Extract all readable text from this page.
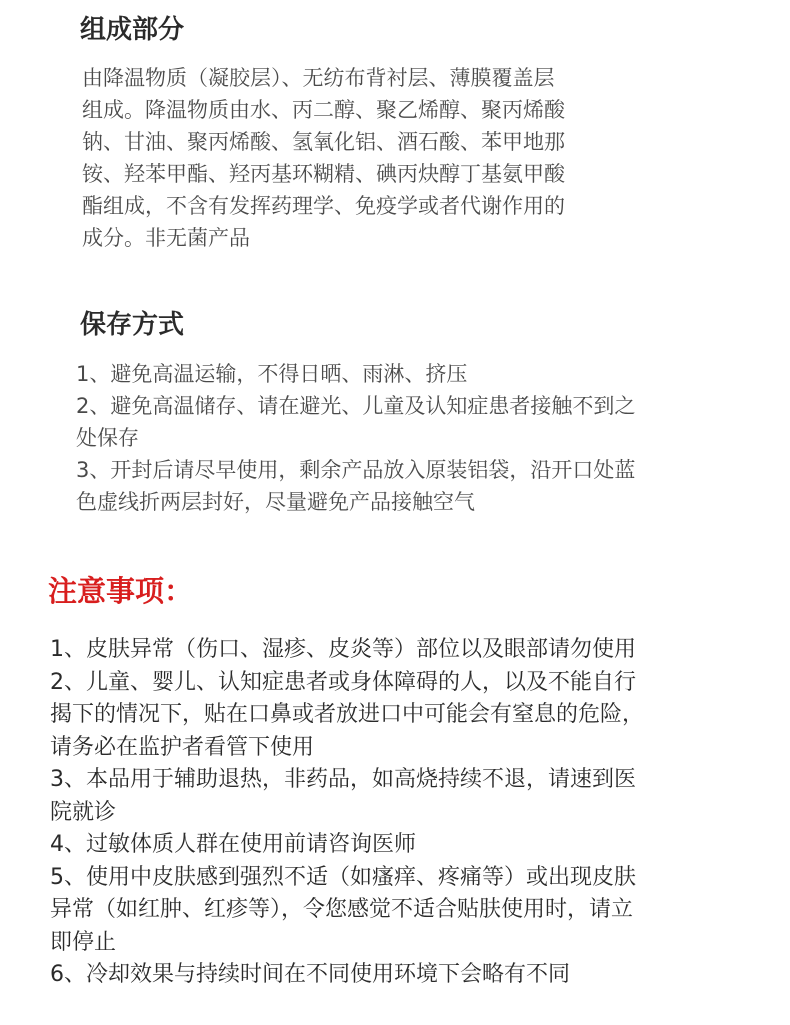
组成部分
由降温物质（凝胶层）、无纺布背衬层、薄膜覆盖层
组成。降温物质由水、丙二醇、聚乙烯醇、聚丙烯酸
钠、甘油、聚丙烯酸、氢氧化铝、酒石酸、苯甲地那
铵、羟苯甲酯、羟丙基环糊精、碘丙炔醇丁基氨甲酸
酯组成，不含有发挥药理学、免疫学或者代谢作用的
成分。非无菌产品
保存方式
1、避免高温运输，不得日晒、雨淋、挤压
2、避免高温储存、请在避光、儿童及认知症患者接触不到之
处保存
3、开封后请尽早使用，剩余产品放入原装铝袋，沿开口处蓝
色虚线折两层封好，尽量避免产品接触空气
注意事项：
1、皮肤异常（伤口、湿疹、皮炎等）部位以及眼部请勿使用
2、儿童、婴儿、认知症患者或身体障碍的人，以及不能自行
揭下的情况下，贴在口鼻或者放进口中可能会有窒息的危险，
请务必在监护者看管下使用
3、本品用于辅助退热，非药品，如高烧持续不退，请速到医
院就诊
4、过敏体质人群在使用前请咨询医师
5、使用中皮肤感到强烈不适（如瘙痒、疼痛等）或出现皮肤
异常（如红肿、红疹等），令您感觉不适合贴肤使用时，请立
即停止
6、冷却效果与持续时间在不同使用环境下会略有不同
